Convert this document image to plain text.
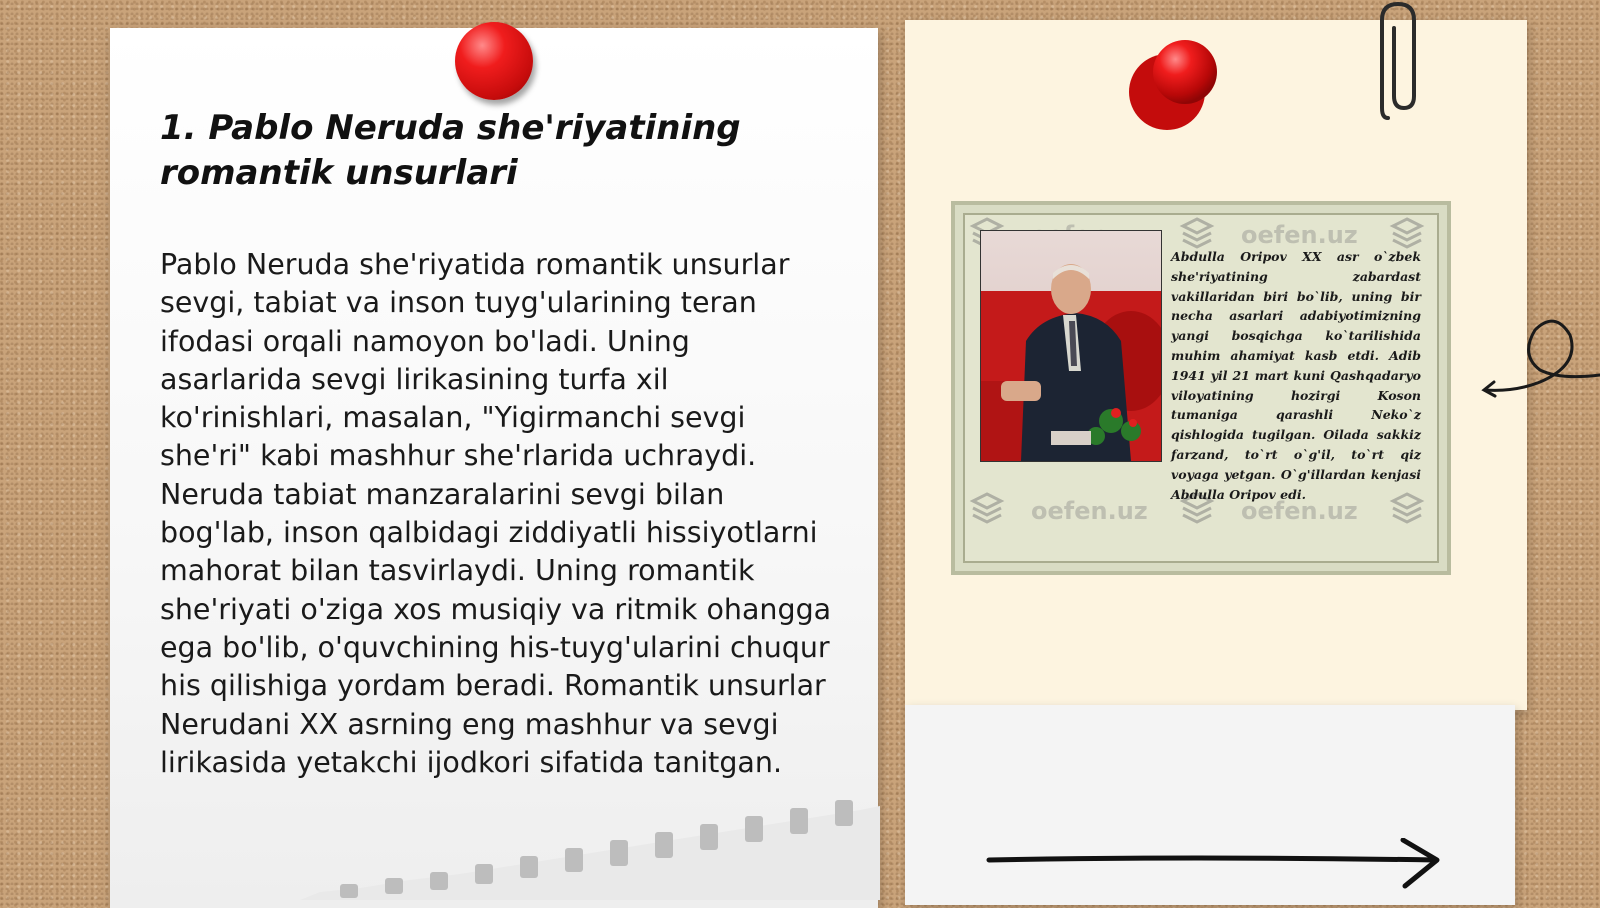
1. Pablo Neruda she'riyatining romantik unsurlari

Pablo Neruda she'riyatida romantik unsurlar sevgi, tabiat va inson tuyg'ularining teran ifodasi orqali namoyon bo'ladi. Uning asarlarida sevgi lirikasining turfa xil ko'rinishlari, masalan, "Yigirmanchi sevgi she'ri" kabi mashhur she'rlarida uchraydi. Neruda tabiat manzaralarini sevgi bilan bog'lab, inson qalbidagi ziddiyatli hissiyotlarni mahorat bilan tasvirlaydi. Uning romantik she'riyati o'ziga xos musiqiy va ritmik ohangga ega bo'lib, o'quvchining his-tuyg'ularini chuqur his qilishiga yordam beradi. Romantik unsurlar Nerudani XX asrning eng mashhur va sevgi lirikasida yetakchi ijodkori sifatida tanitgan.

oefen.uz
oefen.uz	oefen.uz

Abdulla Oripov XX asr o`zbek she'riyatining zabardast vakillaridan biri bo`lib, uning bir necha asarlari adabiyotimizning yangi bosqichga ko`tarilishida muhim ahamiyat kasb etdi. Adib 1941 yil 21 mart kuni Qashqadaryo viloyatining hozirgi Koson tumaniga qarashli Neko`z qishlogida tugilgan. Oilada sakkiz farzand, to`rt o`g'il, to`rt qiz voyaga yetgan. O`g'illardan kenjasi Abdulla Oripov edi.
